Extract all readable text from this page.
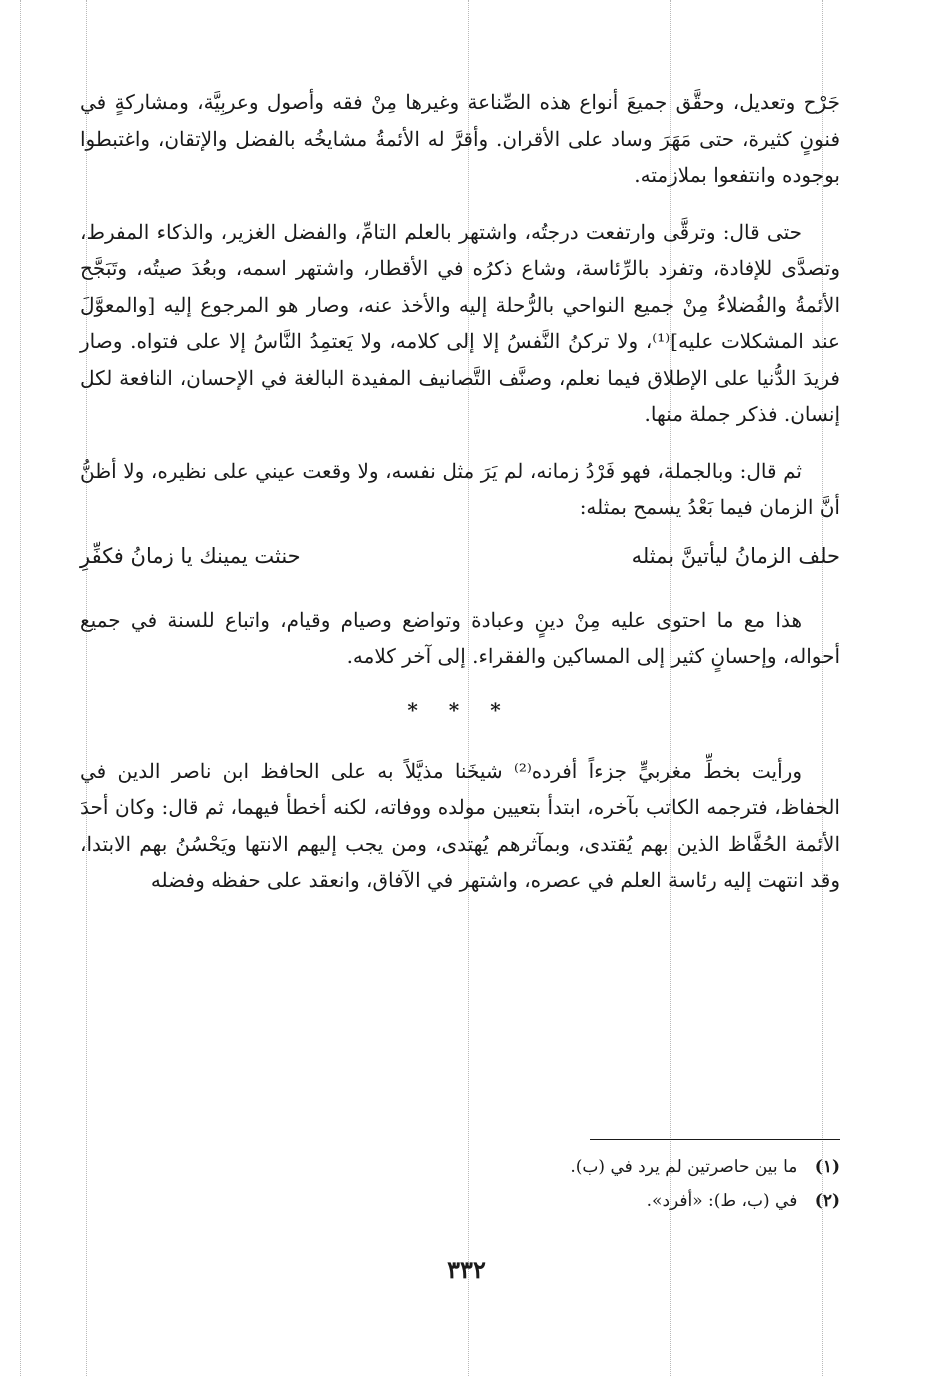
جَرْح وتعديل، وحقَّق جميعَ أنواع هذه الصِّناعة وغيرها مِنْ فقه وأصول وعربِيَّة، ومشاركةٍ في فنونٍ كثيرة، حتى مَهَرَ وساد على الأقران. وأقرَّ له الأئمةُ مشايخُه بالفضل والإتقان، واغتبطوا بوجوده وانتفعوا بملازمته.

حتى قال: وترقَّى وارتفعت درجتُه، واشتهر بالعلم التامِّ، والفضل الغزير، والذكاء المفرط، وتصدَّى للإفادة، وتفرد بالرِّئاسة، وشاع ذكرُه في الأقطار، واشتهر اسمه، وبعُدَ صيتُه، وتَبَجَّح الأئمةُ والفُضلاءُ مِنْ جميع النواحي بالرُّحلة إليه والأخذ عنه، وصار هو المرجوع إليه [والمعوَّلَ عند المشكلات عليه]⁽¹⁾، ولا تركنُ النَّفسُ إلا إلى كلامه، ولا يَعتمِدُ النَّاسُ إلا على فتواه. وصار فريدَ الدُّنيا على الإطلاق فيما نعلم، وصنَّف التَّصانيف المفيدة البالغة في الإحسان، النافعة لكل إنسان. فذكر جملة منها.

ثم قال: وبالجملة، فهو فَرْدُ زمانه، لم يَرَ مثل نفسه، ولا وقعت عيني على نظيره، ولا أظنُّ أنَّ الزمان فيما بَعْدُ يسمح بمثله:

حلف الزمانُ ليأتينَّ بمثله
حنثت يمينك يا زمانُ فكفِّرِ

هذا مع ما احتوى عليه مِنْ دينٍ وعبادة وتواضع وصيام وقيام، واتباع للسنة في جميع أحواله، وإحسانٍ كثير إلى المساكين والفقراء. إلى آخر كلامه.

* * *

ورأيت بخطِّ مغربيٍّ جزءاً أفرده⁽²⁾ شيخَنا مذيَّلاً به على الحافظ ابن ناصر الدين في الحفاظ، فترجمه الكاتب بآخره، ابتدأ بتعيين مولده ووفاته، لكنه أخطأ فيهما، ثم قال: وكان أحدَ الأئمة الحُفَّاظ الذين بهم يُقتدى، وبمآثرهم يُهتدى، ومن يجب إليهم الانتها ويَحْسُنُ بهم الابتدا، وقد انتهت إليه رئاسة العلم في عصره، واشتهر في الآفاق، وانعقد على حفظه وفضله

(١) ما بين حاصرتين لم يرد في (ب).
(٢) في (ب، ط): «أفرد».
٣٣٢
